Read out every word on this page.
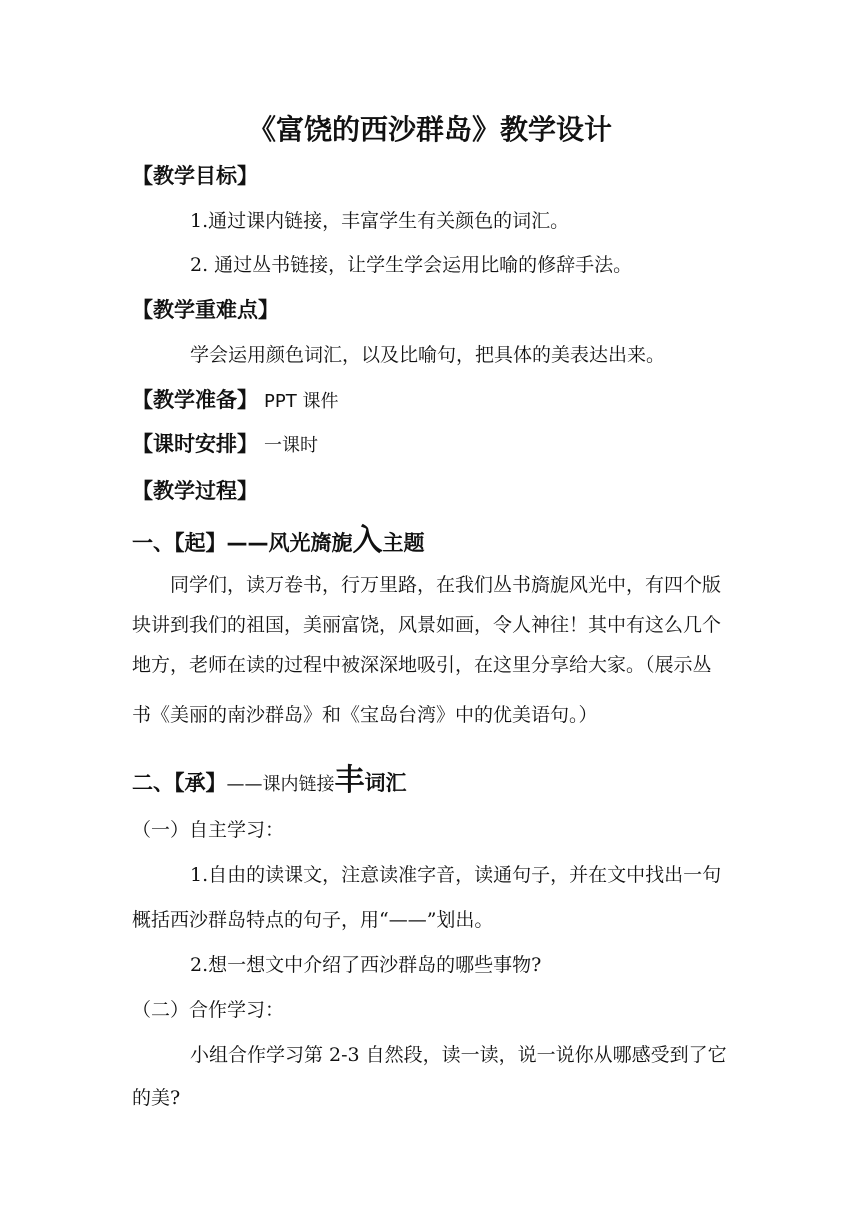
《富饶的西沙群岛》教学设计
【教学目标】
1.通过课内链接，丰富学生有关颜色的词汇。
2. 通过丛书链接，让学生学会运用比喻的修辞手法。
【教学重难点】
学会运用颜色词汇，以及比喻句，把具体的美表达出来。
【教学准备】 PPT 课件
【课时安排】 一课时
【教学过程】
一、【起】——风光旖旎入主题
同学们，读万卷书，行万里路，在我们丛书旖旎风光中，有四个版
块讲到我们的祖国，美丽富饶，风景如画，令人神往！其中有这么几个
地方，老师在读的过程中被深深地吸引，在这里分享给大家。（展示丛
书《美丽的南沙群岛》和《宝岛台湾》中的优美语句。）
二、【承】——课内链接丰词汇
（一）自主学习：
1.自由的读课文，注意读准字音，读通句子，并在文中找出一句
概括西沙群岛特点的句子，用“——”划出。
2.想一想文中介绍了西沙群岛的哪些事物?
（二）合作学习：
小组合作学习第 2-3 自然段，读一读，说一说你从哪感受到了它
的美?
